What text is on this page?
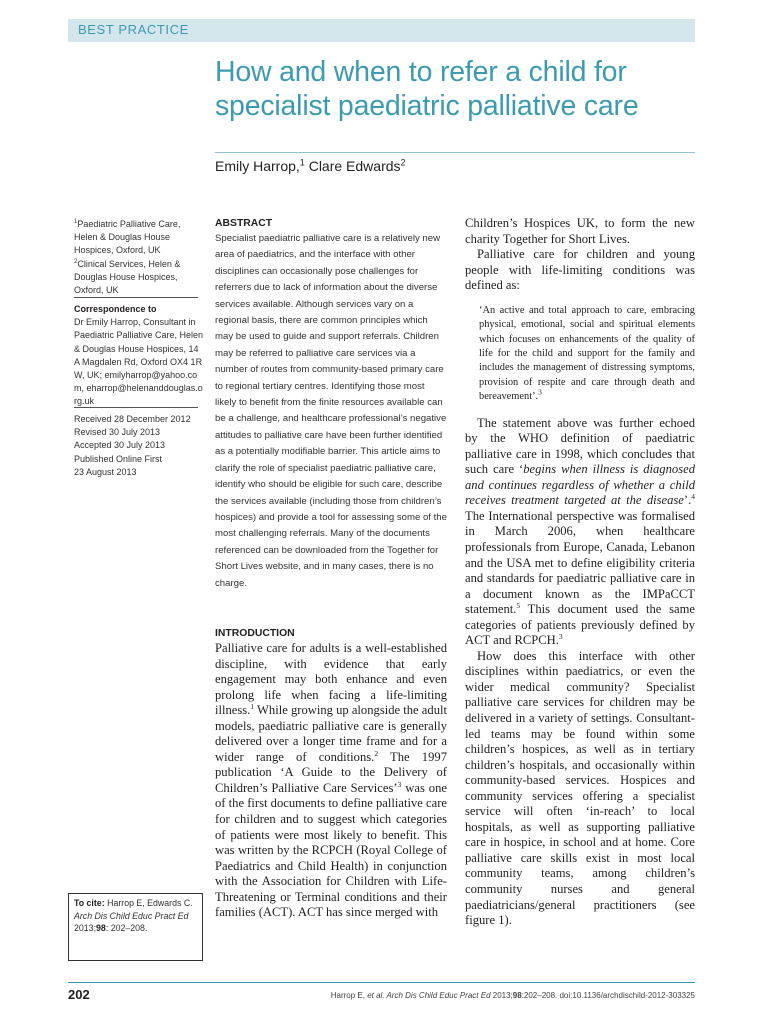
BEST PRACTICE
How and when to refer a child for
specialist paediatric palliative care
Emily Harrop,$^1$ Clare Edwards$^2$
$^1$Paediatric Palliative Care, Helen & Douglas House Hospices, Oxford, UK
$^2$Clinical Services, Helen & Douglas House Hospices, Oxford, UK
Correspondence to
Dr Emily Harrop, Consultant in Paediatric Palliative Care, Helen & Douglas House Hospices, 14A Magdalen Rd, Oxford OX4 1RW, UK; emilyharrop@yahoo.com, eharrop@helenanddouglas.org.uk
Received 28 December 2012
Revised 30 July 2013
Accepted 30 July 2013
Published Online First
23 August 2013
ABSTRACT
Specialist paediatric palliative care is a relatively new area of paediatrics, and the interface with other disciplines can occasionally pose challenges for referrers due to lack of information about the diverse services available. Although services vary on a regional basis, there are common principles which may be used to guide and support referrals. Children may be referred to palliative care services via a number of routes from community-based primary care to regional tertiary centres. Identifying those most likely to benefit from the finite resources available can be a challenge, and healthcare professional’s negative attitudes to palliative care have been further identified as a potentially modifiable barrier. This article aims to clarify the role of specialist paediatric palliative care, identify who should be eligible for such care, describe the services available (including those from children’s hospices) and provide a tool for assessing some of the most challenging referrals. Many of the documents referenced can be downloaded from the Together for Short Lives website, and in many cases, there is no charge.
INTRODUCTION

Palliative care for adults is a well-established discipline, with evidence that early engagement may both enhance and even prolong life when facing a life-limiting illness.$^1$ While growing up alongside the adult models, paediatric palliative care is generally delivered over a longer time frame and for a wider range of conditions.$^2$ The 1997 publication ‘A Guide to the Delivery of Children’s Palliative Care Services’$^3$ was one of the first documents to define palliative care for children and to suggest which categories of patients were most likely to benefit. This was written by the RCPCH (Royal College of Paediatrics and Child Health) in conjunction with the Association for Children with Life-Threatening or Terminal conditions and their families (ACT). ACT has since merged with

Children’s Hospices UK, to form the new charity Together for Short Lives.

Palliative care for children and young people with life-limiting conditions was defined as:

‘An active and total approach to care, embracing physical, emotional, social and spiritual elements which focuses on enhancements of the quality of life for the child and support for the family and includes the management of distressing symptoms, provision of respite and care through death and bereavement’.$^3$

The statement above was further echoed by the WHO definition of paediatric palliative care in 1998, which concludes that such care ‘begins when illness is diagnosed and continues regardless of whether a child receives treatment targeted at the disease’.$^4$ The International perspective was formalised in March 2006, when healthcare professionals from Europe, Canada, Lebanon and the USA met to define eligibility criteria and standards for paediatric palliative care in a document known as the IMPaCCT statement.$^5$ This document used the same categories of patients previously defined by ACT and RCPCH.$^3$

How does this interface with other disciplines within paediatrics, or even the wider medical community? Specialist palliative care services for children may be delivered in a variety of settings. Consultant-led teams may be found within some children’s hospices, as well as in tertiary children’s hospitals, and occasionally within community-based services. Hospices and community services offering a specialist service will often ‘in-reach’ to local hospitals, as well as supporting palliative care in hospice, in school and at home. Core palliative care skills exist in most local community teams, among children’s community nurses and general paediatricians/general practitioners (see figure 1).

To cite: Harrop E, Edwards C. Arch Dis Child Educ Pract Ed 2013;98: 202–208.
202	Harrop E, et al. Arch Dis Child Educ Pract Ed 2013;98:202–208. doi:10.1136/archdischild-2012-303325
